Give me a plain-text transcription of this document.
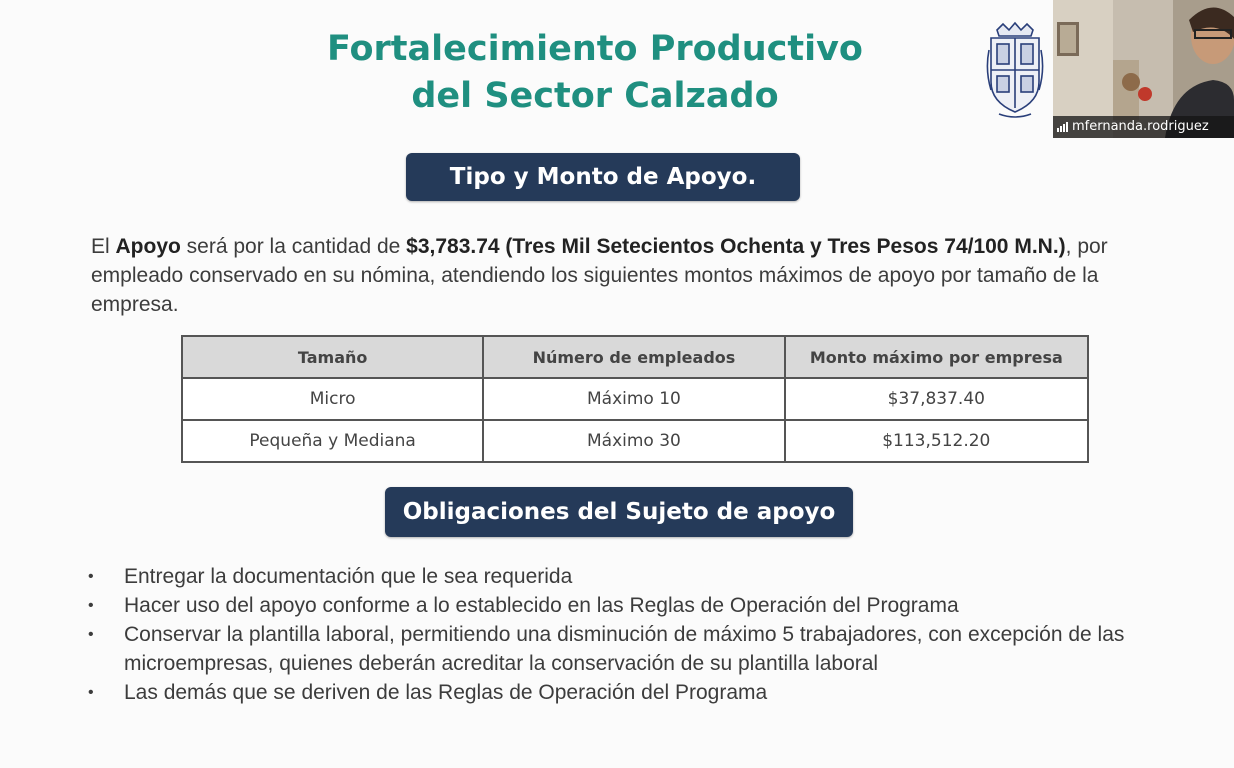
Fortalecimiento Productivo
del Sector Calzado
mfernanda.rodriguez
Tipo y Monto de Apoyo.
El Apoyo será por la cantidad de $3,783.74 (Tres Mil Setecientos Ochenta y Tres Pesos 74/100 M.N.), por empleado conservado en su nómina, atendiendo los siguientes montos máximos de apoyo por tamaño de la empresa.
Tamaño	Número de empleados	Monto máximo por empresa
Micro	Máximo 10	$37,837.40
Pequeña y Mediana	Máximo 30	$113,512.20
Obligaciones del Sujeto de apoyo
• Entregar la documentación que le sea requerida
• Hacer uso del apoyo conforme a lo establecido en las Reglas de Operación del Programa
• Conservar la plantilla laboral, permitiendo una disminución de máximo 5 trabajadores, con excepción de las microempresas, quienes deberán acreditar la conservación de su plantilla laboral
• Las demás que se deriven de las Reglas de Operación del Programa
